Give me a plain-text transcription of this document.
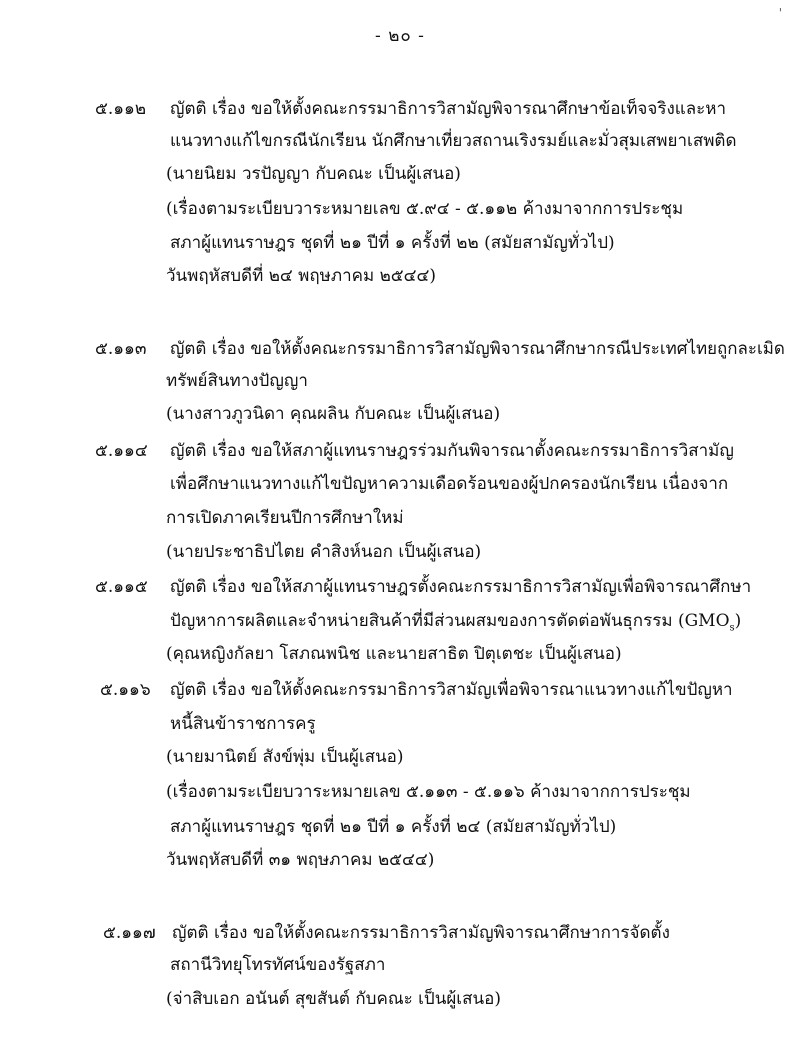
'
- ๒๐ -
๕.๑๑๒ ญัตติ เรื่อง ขอให้ตั้งคณะกรรมาธิการวิสามัญพิจารณาศึกษาข้อเท็จจริงและหา
แนวทางแก้ไขกรณีนักเรียน นักศึกษาเที่ยวสถานเริงรมย์และมั่วสุมเสพยาเสพติด
(นายนิยม วรปัญญา กับคณะ เป็นผู้เสนอ)
(เรื่องตามระเบียบวาระหมายเลข ๕.๙๔ - ๕.๑๑๒ ค้างมาจากการประชุม
สภาผู้แทนราษฎร ชุดที่ ๒๑ ปีที่ ๑ ครั้งที่ ๒๒ (สมัยสามัญทั่วไป)
วันพฤหัสบดีที่ ๒๔ พฤษภาคม ๒๕๔๔)
๕.๑๑๓ ญัตติ เรื่อง ขอให้ตั้งคณะกรรมาธิการวิสามัญพิจารณาศึกษากรณีประเทศไทยถูกละเมิด
ทรัพย์สินทางปัญญา
(นางสาวภูวนิดา คุณผลิน กับคณะ เป็นผู้เสนอ)
๕.๑๑๔ ญัตติ เรื่อง ขอให้สภาผู้แทนราษฎรร่วมกันพิจารณาตั้งคณะกรรมาธิการวิสามัญ
เพื่อศึกษาแนวทางแก้ไขปัญหาความเดือดร้อนของผู้ปกครองนักเรียน เนื่องจาก
การเปิดภาคเรียนปีการศึกษาใหม่
(นายประชาธิปไตย คำสิงห์นอก เป็นผู้เสนอ)
๕.๑๑๕ ญัตติ เรื่อง ขอให้สภาผู้แทนราษฎรตั้งคณะกรรมาธิการวิสามัญเพื่อพิจารณาศึกษา
ปัญหาการผลิตและจำหน่ายสินค้าที่มีส่วนผสมของการตัดต่อพันธุกรรม $(GMO_s)$
(คุณหญิงกัลยา โสภณพนิช และนายสาธิต ปิตุเตชะ เป็นผู้เสนอ)
๕.๑๑๖ ญัตติ เรื่อง ขอให้ตั้งคณะกรรมาธิการวิสามัญเพื่อพิจารณาแนวทางแก้ไขปัญหา
หนี้สินข้าราชการครู
(นายมานิตย์ สังข์พุ่ม เป็นผู้เสนอ)
(เรื่องตามระเบียบวาระหมายเลข ๕.๑๑๓ - ๕.๑๑๖ ค้างมาจากการประชุม
สภาผู้แทนราษฎร ชุดที่ ๒๑ ปีที่ ๑ ครั้งที่ ๒๔ (สมัยสามัญทั่วไป)
วันพฤหัสบดีที่ ๓๑ พฤษภาคม ๒๕๔๔)
๕.๑๑๗ ญัตติ เรื่อง ขอให้ตั้งคณะกรรมาธิการวิสามัญพิจารณาศึกษาการจัดตั้ง
สถานีวิทยุโทรทัศน์ของรัฐสภา
(จ่าสิบเอก อนันต์ สุขสันต์ กับคณะ เป็นผู้เสนอ)
